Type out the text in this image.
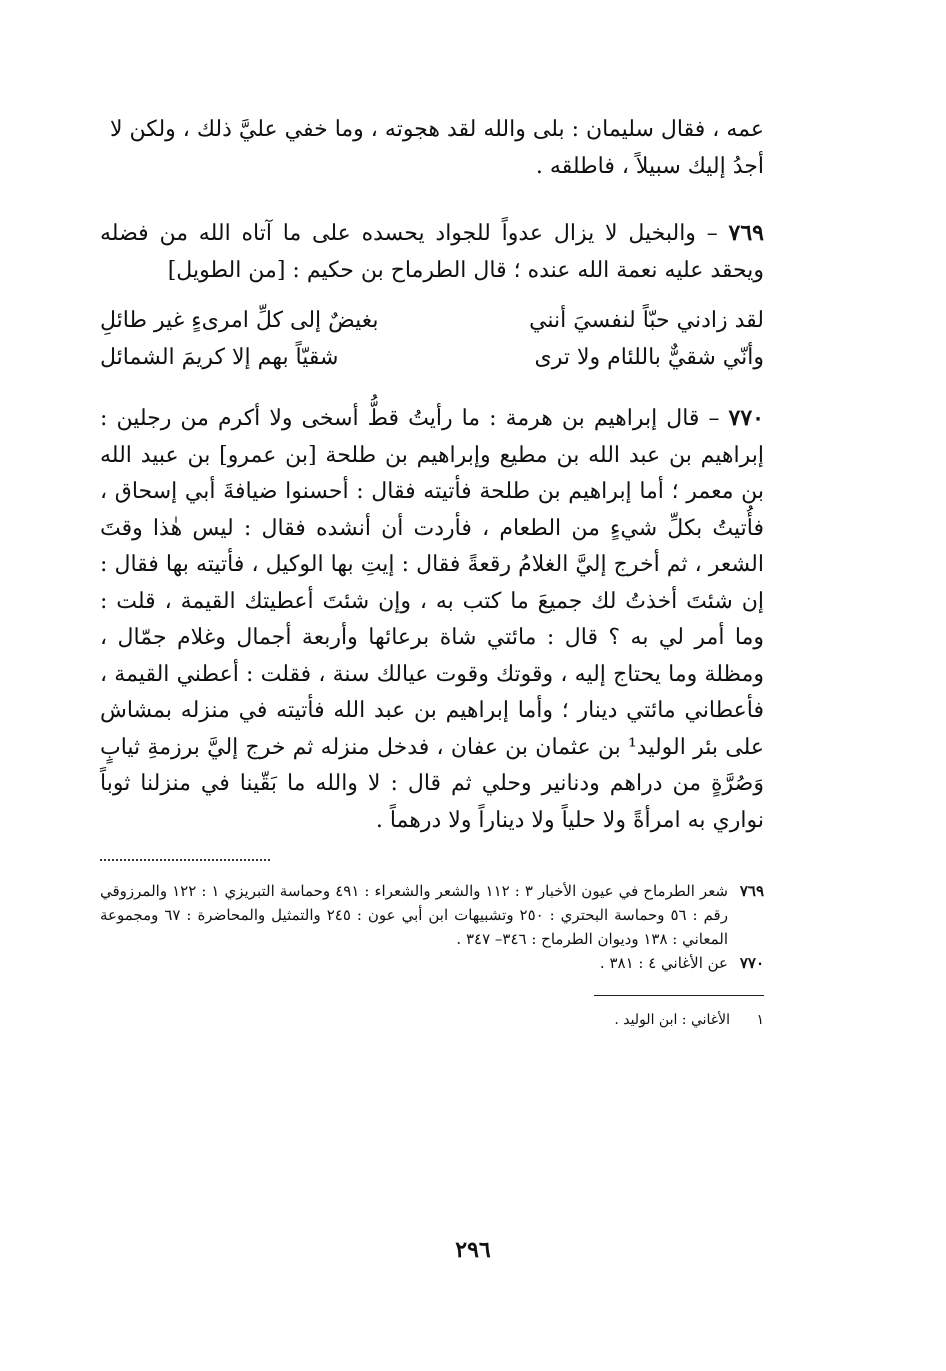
عمه ، فقال سليمان : بلى والله لقد هجوته ، وما خفي عليَّ ذلك ، ولكن لا
أجدُ إليك سبيلاً ، فاطلقه .

٧٦٩ – والبخيل لا يزال عدواً للجواد يحسده على ما آتاه الله من فضله ويحقد عليه نعمة الله عنده ؛ قال الطرماح بن حكيم : [من الطويل]

لقد زادني حبّاً لنفسيَ أنني
بغيضٌ إلى كلِّ امرىءٍ غير طائلِ
وأنّي شقيٌّ باللئام ولا ترى
شقيّاً بهم إلا كريمَ الشمائل

٧٧٠ – قال إبراهيم بن هرمة : ما رأيتُ قطُّ أسخى ولا أكرم من رجلين : إبراهيم بن عبد الله بن مطيع وإبراهيم بن طلحة [بن عمرو] بن عبيد الله بن معمر ؛ أما إبراهيم بن طلحة فأتيته فقال : أحسنوا ضيافةَ أبي إسحاق ، فأُتيتُ بكلِّ شيءٍ من الطعام ، فأردت أن أنشده فقال : ليس هٰذا وقتَ الشعر ، ثم أخرج إليَّ الغلامُ رقعةً فقال : إيتِ بها الوكيل ، فأتيته بها فقال : إن شئتَ أخذتُ لك جميعَ ما كتب به ، وإن شئتَ أعطيتك القيمة ، قلت : وما أمر لي به ؟ قال : مائتي شاة برعائها وأربعة أجمال وغلام جمّال ، ومظلة وما يحتاج إليه ، وقوتك وقوت عيالك سنة ، فقلت : أعطني القيمة ، فأعطاني مائتي دينار ؛ وأما إبراهيم بن عبد الله فأتيته في منزله بمشاش على بئر الوليد¹ بن عثمان بن عفان ، فدخل منزله ثم خرج إليَّ برزمةِ ثيابٍ وَصُرَّةٍ من دراهم ودنانير وحلي ثم قال : لا والله ما بَقّينا في منزلنا ثوباً نواري به امرأةً ولا حلياً ولا ديناراً ولا درهماً .

٧٦٩
شعر الطرماح في عيون الأخبار ٣ : ١١٢ والشعر والشعراء : ٤٩١ وحماسة التبريزي ١ : ١٢٢ والمرزوقي رقم : ٥٦ وحماسة البحتري : ٢٥٠ وتشبيهات ابن أبي عون : ٢٤٥ والتمثيل والمحاضرة : ٦٧ ومجموعة المعاني : ١٣٨ وديوان الطرماح : ٣٤٦– ٣٤٧ .
٧٧٠
عن الأغاني ٤ : ٣٨١ .
١
الأغاني : ابن الوليد .
٢٩٦
